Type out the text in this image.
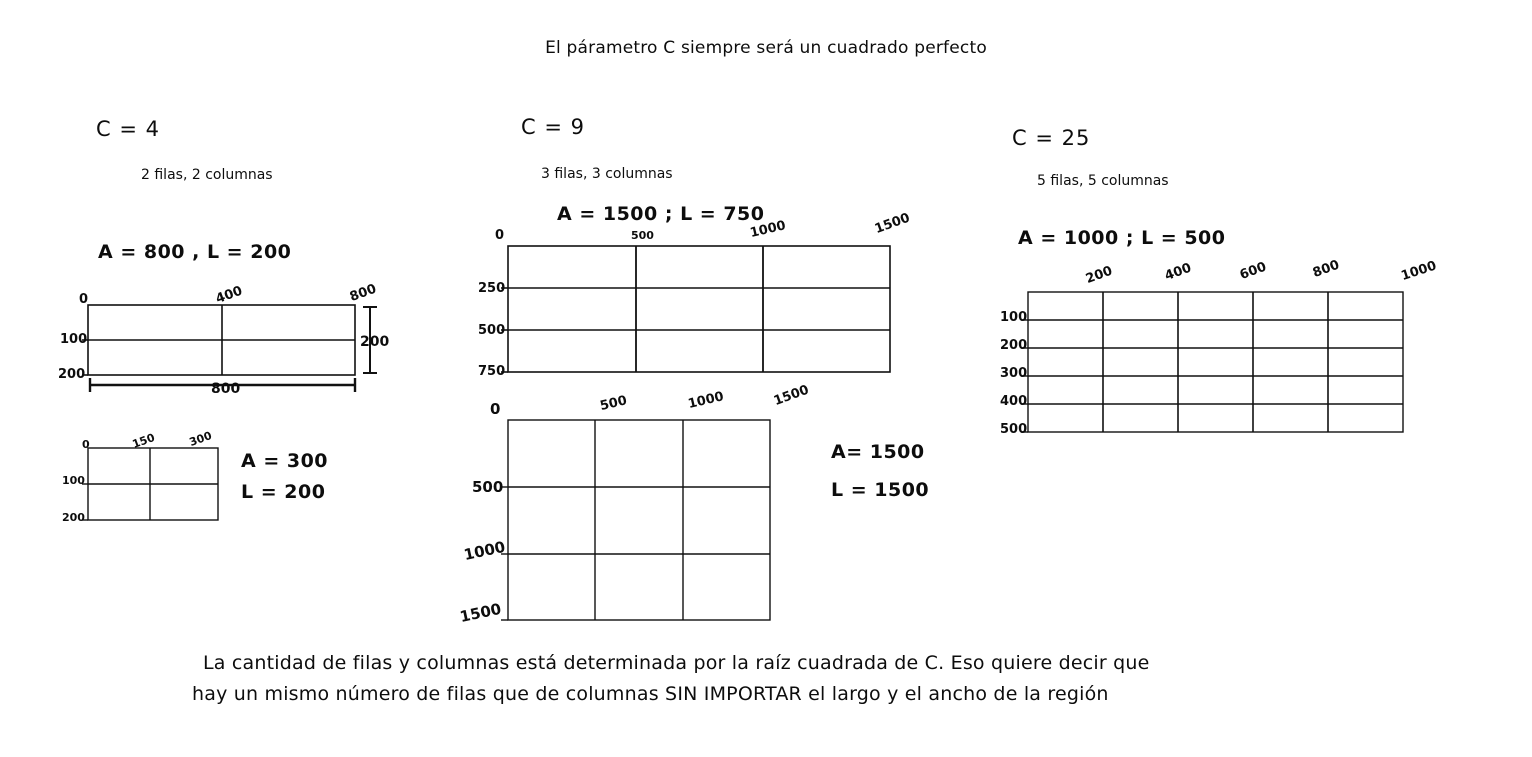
El párametro C siempre será un cuadrado perfecto
C = 4
2 filas, 2 columnas
A = 800 , L = 200
0	400	800
100
200
800
200
0	150	300
100
200
A = 300
L = 200
C = 9
3 filas, 3 columnas
A = 1500 ; L = 750
0	500	1000	1500
250
500
750
0	500	1000	1500
500
1000
1500
A= 1500
L = 1500
C = 25
5 filas, 5 columnas
A = 1000 ; L = 500
200	400	600	800	1000
100
200
300
400
500
La cantidad de filas y columnas está determinada por la raíz cuadrada de C. Eso quiere decir que
hay un mismo número de filas que de columnas SIN IMPORTAR el largo y el ancho de la región
